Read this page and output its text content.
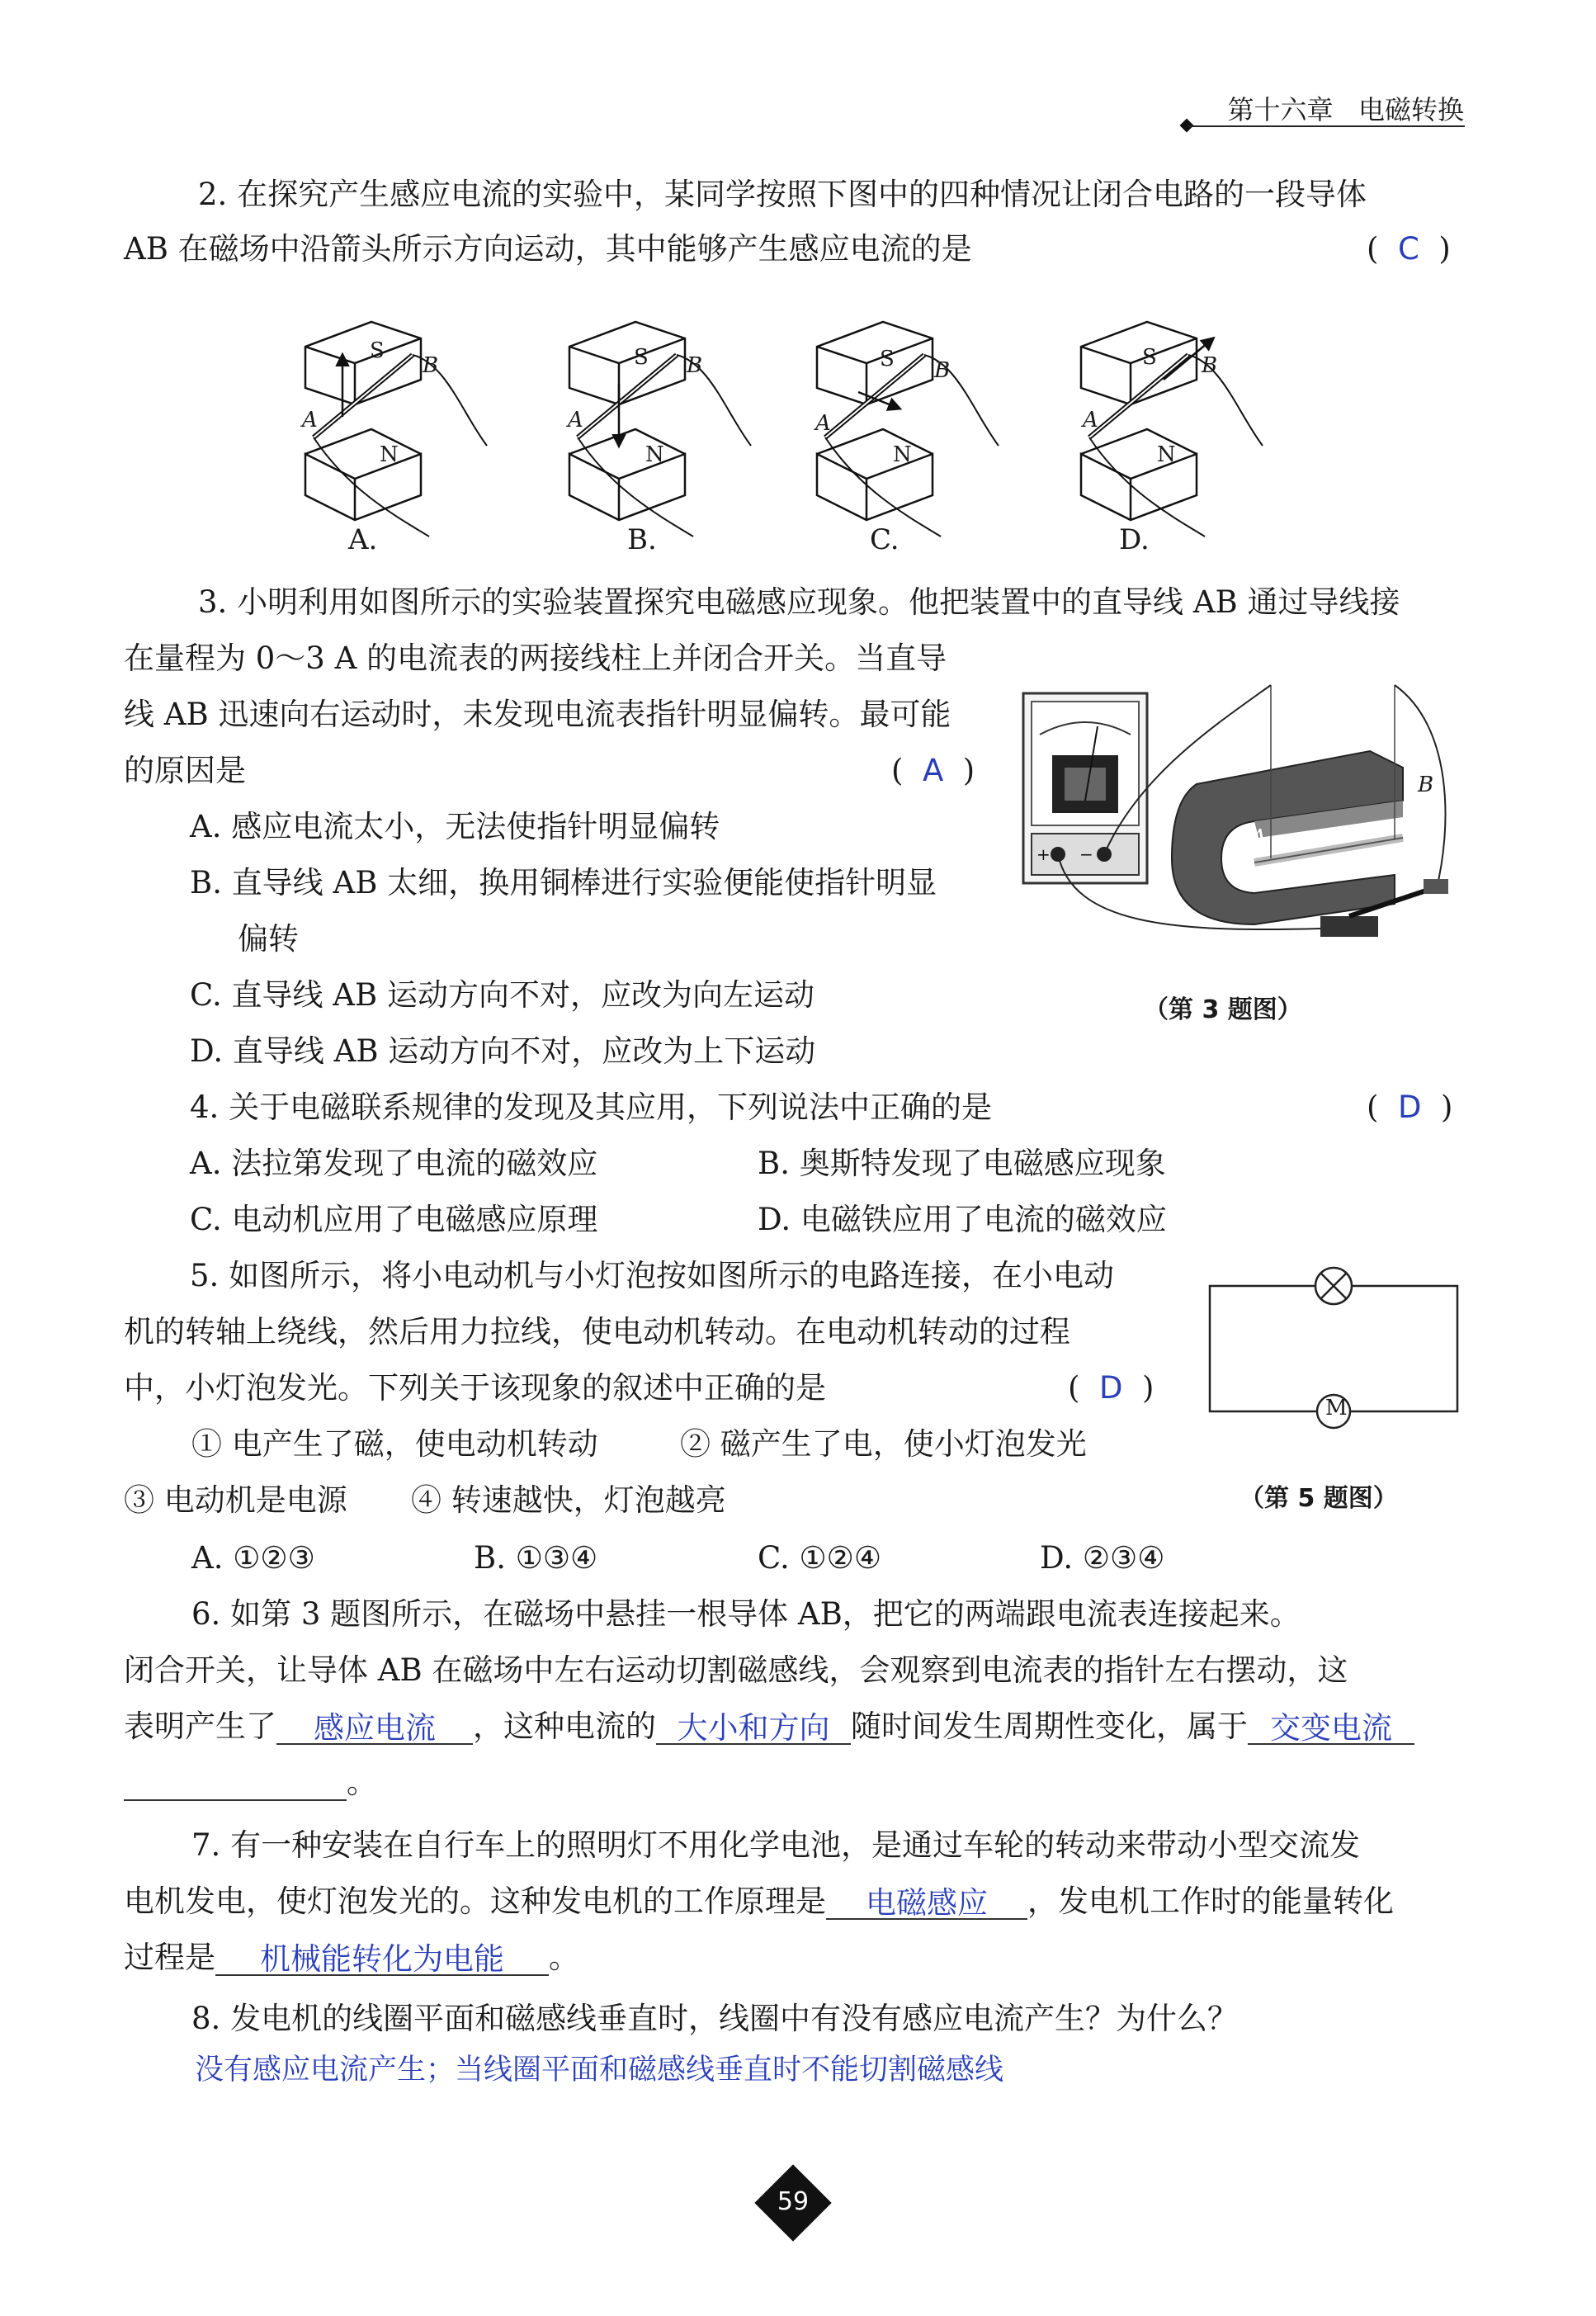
第十六章 电磁转换
2. 在探究产生感应电流的实验中，某同学按照下图中的四种情况让闭合电路的一段导体
AB 在磁场中沿箭头所示方向运动，其中能够产生感应电流的是	(  C  )
S
B
A
N
A.
S B
A
N
B.
S B
A
N
C.
S B
A
N
D.
3. 小明利用如图所示的实验装置探究电磁感应现象。他把装置中的直导线 AB 通过导线接
在量程为 0～3 A 的电流表的两接线柱上并闭合开关。当直导
线 AB 迅速向右运动时，未发现电流表指针明显偏转。最可能
的原因是	(  A  )
A. 感应电流太小，无法使指针明显偏转
B. 直导线 AB 太细，换用铜棒进行实验便能使指针明显
偏转
C. 直导线 AB 运动方向不对，应改为向左运动
D. 直导线 AB 运动方向不对，应改为上下运动
+ −
A
B
（第 3 题图）
4. 关于电磁联系规律的发现及其应用，下列说法中正确的是	(  D  )
A. 法拉第发现了电流的磁效应	B. 奥斯特发现了电磁感应现象
C. 电动机应用了电磁感应原理	D. 电磁铁应用了电流的磁效应
5. 如图所示，将小电动机与小灯泡按如图所示的电路连接，在小电动
机的转轴上绕线，然后用力拉线，使电动机转动。在电动机转动的过程
中，小灯泡发光。下列关于该现象的叙述中正确的是	(  D  )
① 电产生了磁，使电动机转动	② 磁产生了电，使小灯泡发光
③ 电动机是电源 ④ 转速越快，灯泡越亮
A. ①②③	B. ①③④	C. ①②④	D. ②③④
M
（第 5 题图）
6. 如第 3 题图所示，在磁场中悬挂一根导体 AB，把它的两端跟电流表连接起来。
闭合开关，让导体 AB 在磁场中左右运动切割磁感线，会观察到电流表的指针左右摆动，这
表明产生了 感应电流 ，这种电流的 大小和方向 随时间发生周期性变化，属于 交变电流
。
7. 有一种安装在自行车上的照明灯不用化学电池，是通过车轮的转动来带动小型交流发
电机发电，使灯泡发光的。这种发电机的工作原理是 电磁感应 ，发电机工作时的能量转化
过程是 机械能转化为电能 。
8. 发电机的线圈平面和磁感线垂直时，线圈中有没有感应电流产生？为什么？
没有感应电流产生；当线圈平面和磁感线垂直时不能切割磁感线
59
